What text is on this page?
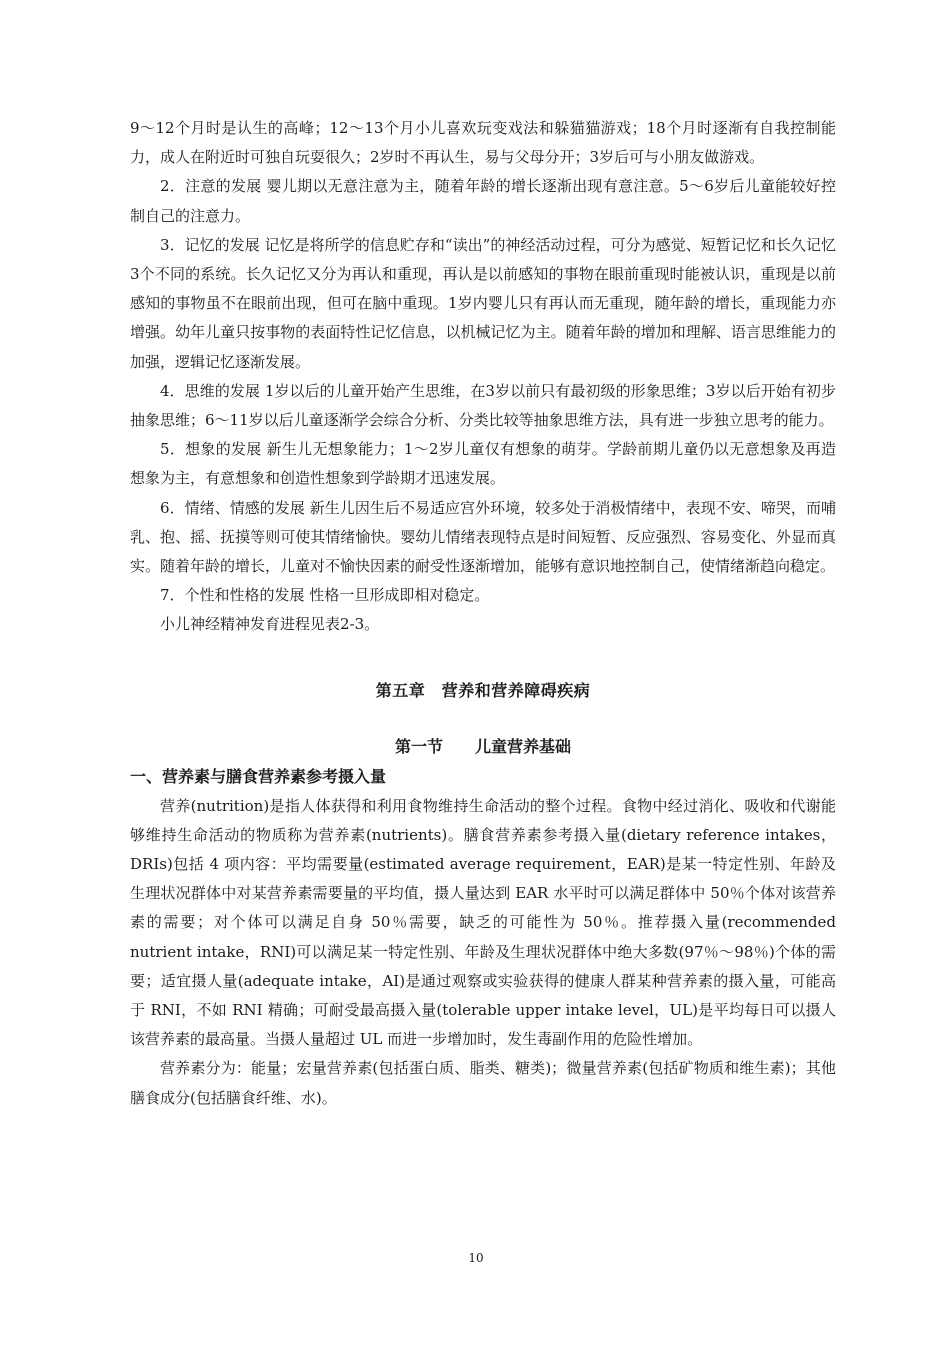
9～12个月时是认生的高峰；12～13个月小儿喜欢玩变戏法和躲猫猫游戏；18个月时逐渐有自我控制能力，成人在附近时可独自玩耍很久；2岁时不再认生，易与父母分开；3岁后可与小朋友做游戏。

2．注意的发展 婴儿期以无意注意为主，随着年龄的增长逐渐出现有意注意。5～6岁后儿童能较好控制自己的注意力。

3．记忆的发展 记忆是将所学的信息贮存和“读出”的神经活动过程，可分为感觉、短暂记忆和长久记忆3个不同的系统。长久记忆又分为再认和重现，再认是以前感知的事物在眼前重现时能被认识，重现是以前感知的事物虽不在眼前出现，但可在脑中重现。1岁内婴儿只有再认而无重现，随年龄的增长，重现能力亦增强。幼年儿童只按事物的表面特性记忆信息，以机械记忆为主。随着年龄的增加和理解、语言思维能力的加强，逻辑记忆逐渐发展。

4．思维的发展 1岁以后的儿童开始产生思维，在3岁以前只有最初级的形象思维；3岁以后开始有初步抽象思维；6～11岁以后儿童逐渐学会综合分析、分类比较等抽象思维方法，具有进一步独立思考的能力。

5．想象的发展 新生儿无想象能力；1～2岁儿童仅有想象的萌芽。学龄前期儿童仍以无意想象及再造想象为主，有意想象和创造性想象到学龄期才迅速发展。

6．情绪、情感的发展 新生儿因生后不易适应宫外环境，较多处于消极情绪中，表现不安、啼哭，而哺乳、抱、摇、抚摸等则可使其情绪愉快。婴幼儿情绪表现特点是时间短暂、反应强烈、容易变化、外显而真实。随着年龄的增长，儿童对不愉快因素的耐受性逐渐增加，能够有意识地控制自己，使情绪渐趋向稳定。

7．个性和性格的发展 性格一旦形成即相对稳定。

小儿神经精神发育进程见表2-3。

第五章　营养和营养障碍疾病
第一节　　儿童营养基础
一、营养素与膳食营养素参考摄入量

营养(nutrition)是指人体获得和利用食物维持生命活动的整个过程。食物中经过消化、吸收和代谢能够维持生命活动的物质称为营养素(nutrients)。膳食营养素参考摄入量(dietary reference intakes，DRIs)包括 4 项内容：平均需要量(estimated average requirement，EAR)是某一特定性别、年龄及生理状况群体中对某营养素需要量的平均值，摄人量达到 EAR 水平时可以满足群体中 50％个体对该营养素的需要；对个体可以满足自身 50％需要，缺乏的可能性为 50％。推荐摄入量(recommended nutrient intake，RNI)可以满足某一特定性别、年龄及生理状况群体中绝大多数(97％～98％)个体的需要；适宜摄人量(adequate intake，AI)是通过观察或实验获得的健康人群某种营养素的摄入量，可能高于 RNI，不如 RNI 精确；可耐受最高摄入量(tolerable upper intake level，UL)是平均每日可以摄人该营养素的最高量。当摄人量超过 UL 而进一步增加时，发生毒副作用的危险性增加。

营养素分为：能量；宏量营养素(包括蛋白质、脂类、糖类)；微量营养素(包括矿物质和维生素)；其他膳食成分(包括膳食纤维、水)。

10
